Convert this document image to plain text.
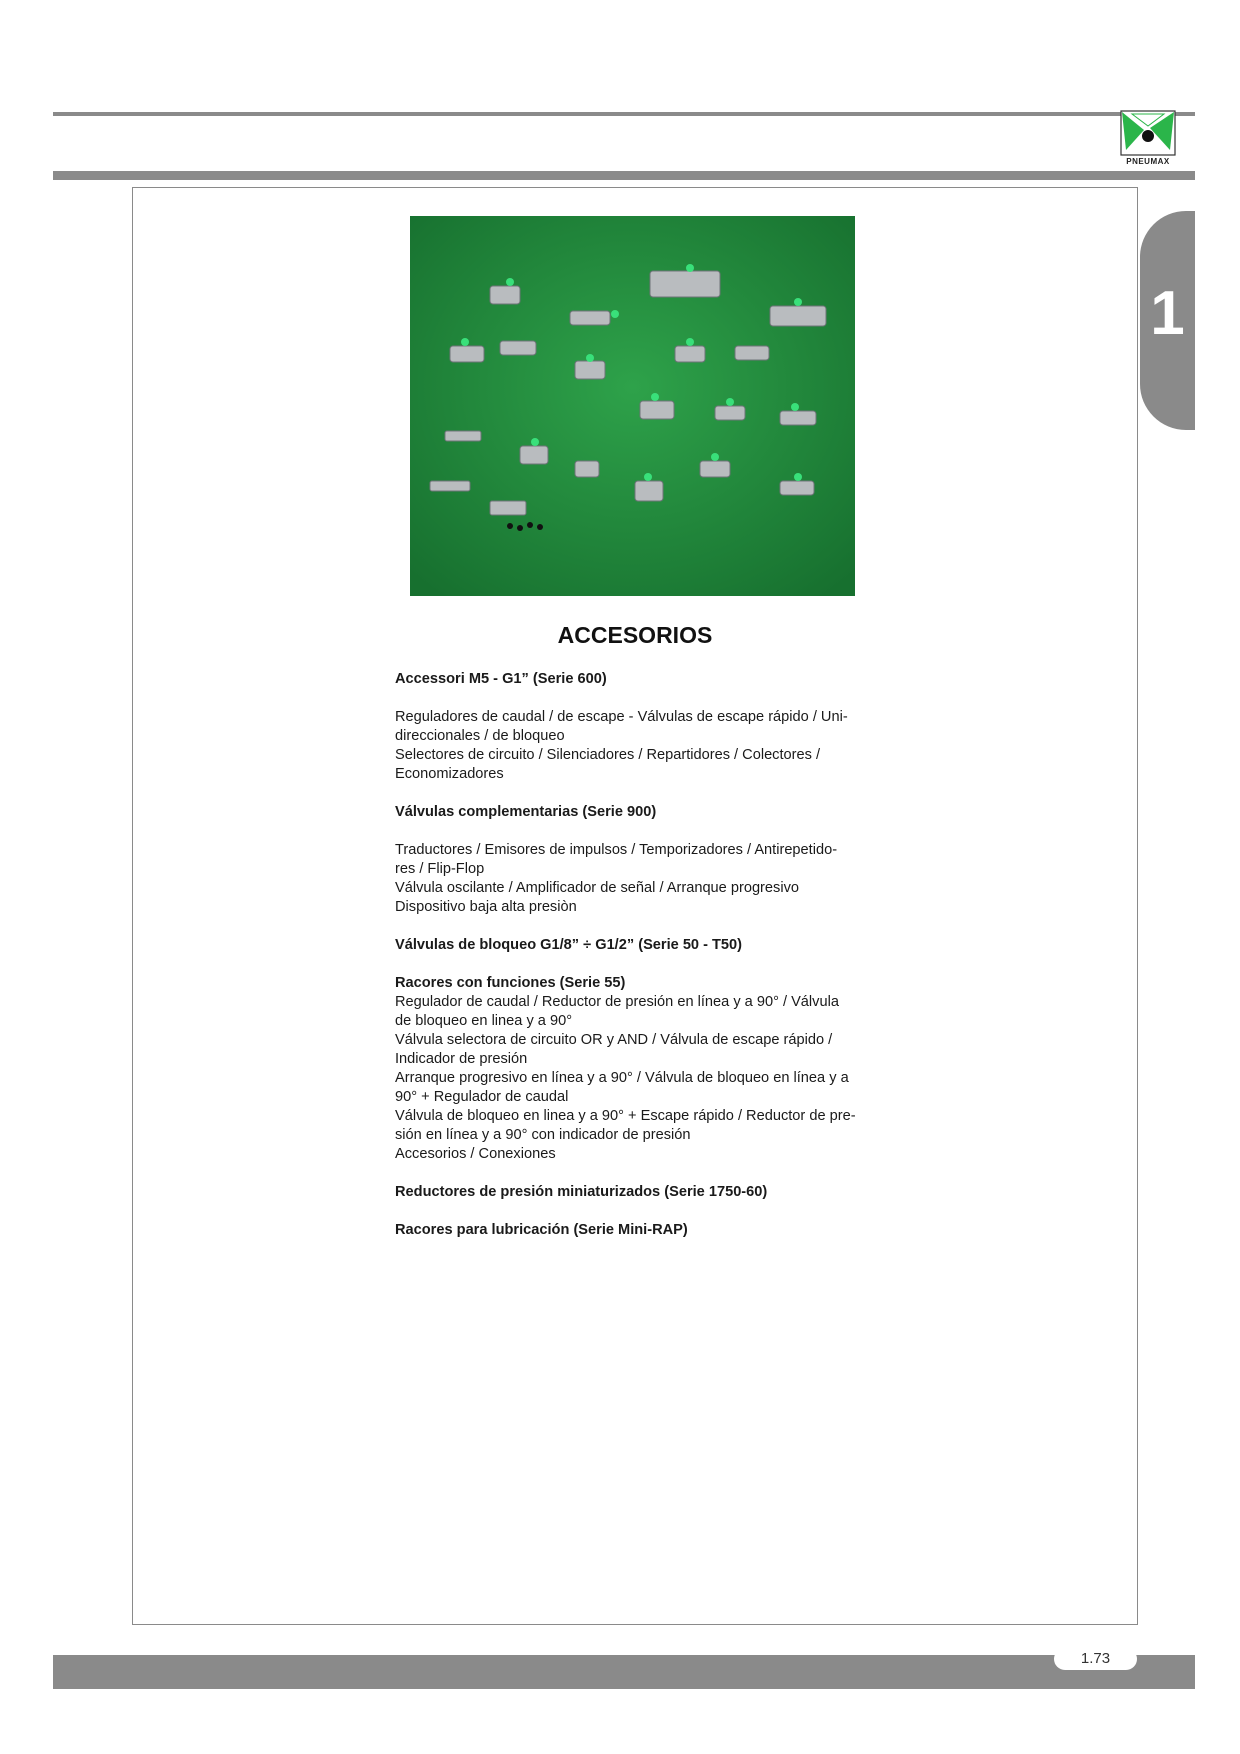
PNEUMAX
1
ACCESORIOS

Accessori M5 - G1” (Serie 600)

Reguladores de caudal / de escape - Válvulas de escape rápido / Uni-

direccionales / de bloqueo

Selectores de circuito / Silenciadores / Repartidores / Colectores /

Economizadores

Válvulas complementarias (Serie 900)

Traductores / Emisores de impulsos / Temporizadores / Antirepetido-

res / Flip-Flop

Válvula oscilante / Amplificador de señal / Arranque progresivo

Dispositivo baja alta presiòn

Válvulas de bloqueo G1/8” ÷ G1/2” (Serie 50 - T50)

Racores con funciones (Serie 55)

Regulador de caudal / Reductor de presión en línea y a 90° / Válvula

de bloqueo en linea y a 90°

Válvula selectora de circuito OR y AND / Válvula de escape rápido /

Indicador de presión

Arranque progresivo en línea y a 90° / Válvula de bloqueo en línea y a

90° + Regulador de caudal

Válvula de bloqueo en linea y a 90° + Escape rápido / Reductor de pre-

sión en línea y a 90° con indicador de presión

Accesorios / Conexiones

Reductores de presión miniaturizados (Serie 1750-60)

Racores para lubricación (Serie Mini-RAP)

1.73
